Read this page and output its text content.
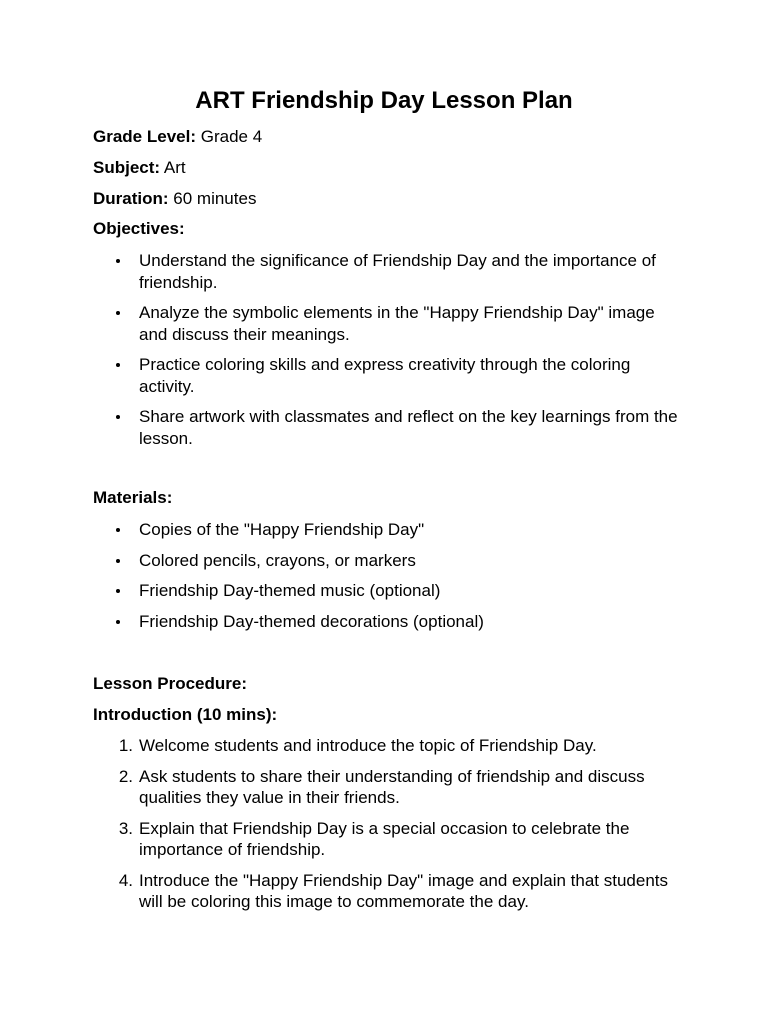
ART Friendship Day Lesson Plan
Grade Level: Grade 4
Subject: Art
Duration: 60 minutes
Objectives:
Understand the significance of Friendship Day and the importance of friendship.
Analyze the symbolic elements in the "Happy Friendship Day" image and discuss their meanings.
Practice coloring skills and express creativity through the coloring activity.
Share artwork with classmates and reflect on the key learnings from the lesson.
Materials:
Copies of the "Happy Friendship Day"
Colored pencils, crayons, or markers
Friendship Day-themed music (optional)
Friendship Day-themed decorations (optional)
Lesson Procedure:
Introduction (10 mins):
1. Welcome students and introduce the topic of Friendship Day.
2. Ask students to share their understanding of friendship and discuss qualities they value in their friends.
3. Explain that Friendship Day is a special occasion to celebrate the importance of friendship.
4. Introduce the "Happy Friendship Day" image and explain that students will be coloring this image to commemorate the day.
